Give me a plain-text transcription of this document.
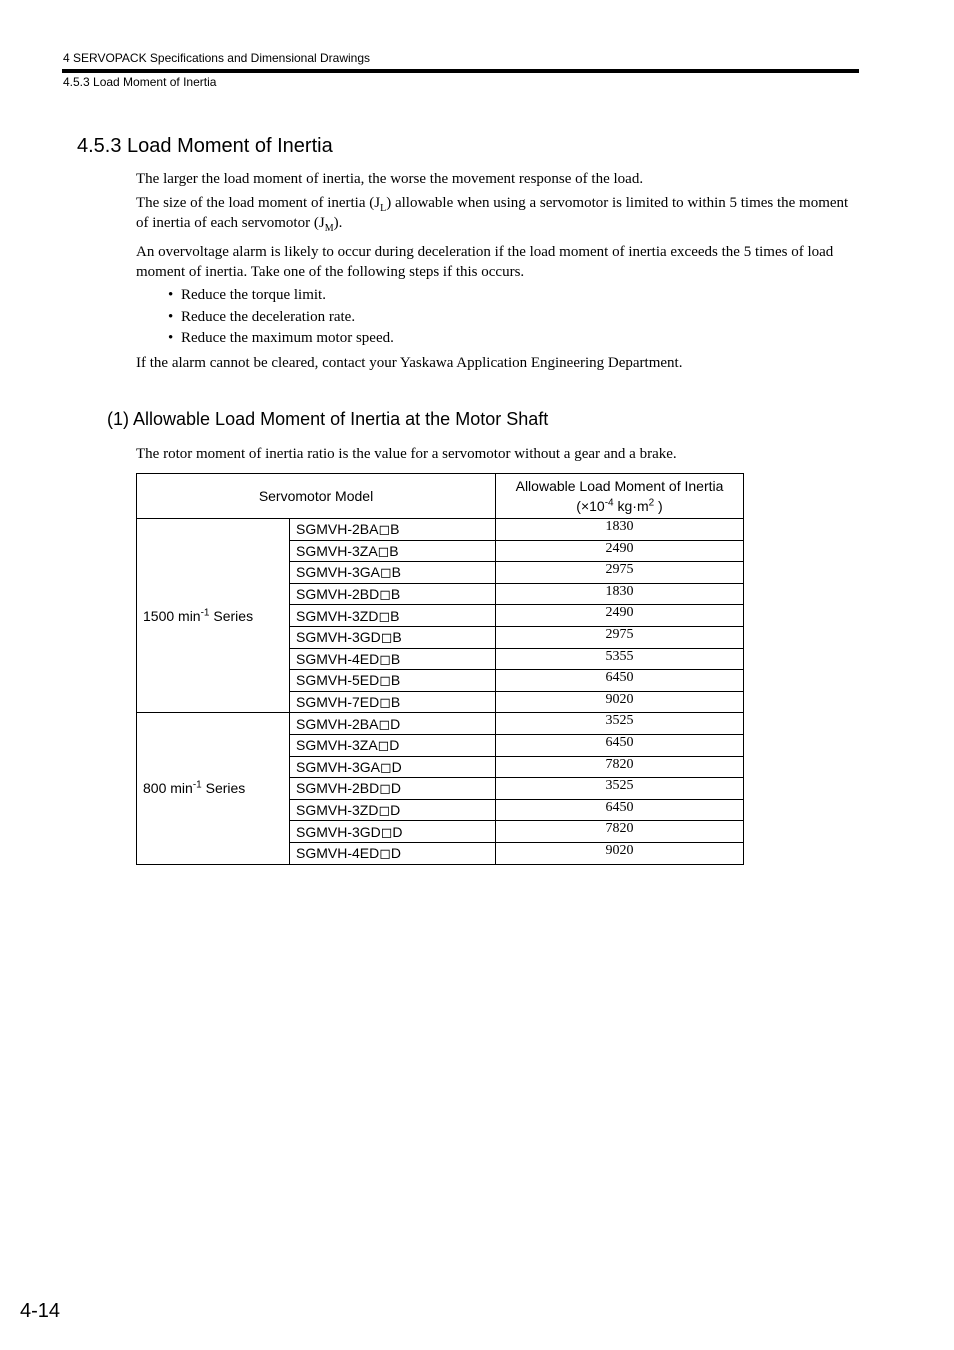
4 SERVOPACK Specifications and Dimensional Drawings
4.5.3 Load Moment of Inertia
4.5.3 Load Moment of Inertia
The larger the load moment of inertia, the worse the movement response of the load.
The size of the load moment of inertia $(J_L)$ allowable when using a servomotor is limited to within 5 times the moment of inertia of each servomotor $(J_M)$.
An overvoltage alarm is likely to occur during deceleration if the load moment of inertia exceeds the 5 times of load moment of inertia. Take one of the following steps if this occurs.
• Reduce the torque limit.
• Reduce the deceleration rate.
• Reduce the maximum motor speed.
If the alarm cannot be cleared, contact your Yaskawa Application Engineering Department.
(1) Allowable Load Moment of Inertia at the Motor Shaft
The rotor moment of inertia ratio is the value for a servomotor without a gear and a brake.
Servomotor Model		Allowable Load Moment of Inertia
($\times 10^{-4}$ $kg\cdot m^2$ )
1500 $\min^{-1}$ Series	SGMVH-2BA◻B	1830
	SGMVH-3ZA◻B	2490
	SGMVH-3GA◻B	2975
	SGMVH-2BD◻B	1830
	SGMVH-3ZD◻B	2490
	SGMVH-3GD◻B	2975
	SGMVH-4ED◻B	5355
	SGMVH-5ED◻B	6450
	SGMVH-7ED◻B	9020
800 $\min^{-1}$ Series	SGMVH-2BA◻D	3525
	SGMVH-3ZA◻D	6450
	SGMVH-3GA◻D	7820
	SGMVH-2BD◻D	3525
	SGMVH-3ZD◻D	6450
	SGMVH-3GD◻D	7820
	SGMVH-4ED◻D	9020
4-14
